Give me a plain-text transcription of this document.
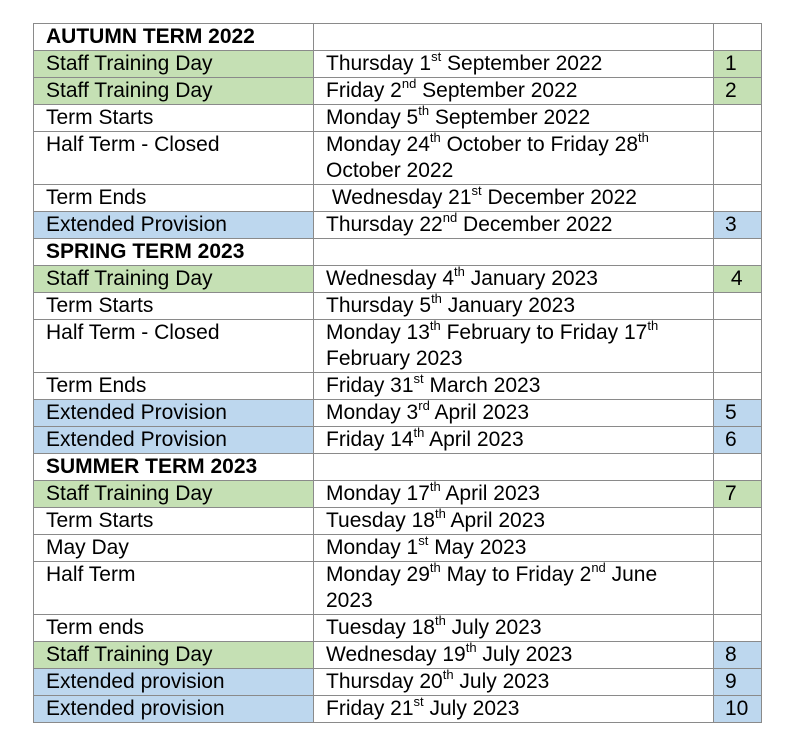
AUTUMN TERM 2022		
Staff Training Day	Thursday 1st September 2022	1
Staff Training Day	Friday 2nd September 2022	2
Term Starts	Monday 5th September 2022	
Half Term - Closed	Monday 24th October to Friday 28th
October 2022	
Term Ends	Wednesday 21st December 2022	
Extended Provision	Thursday 22nd December 2022	3
SPRING TERM 2023		
Staff Training Day	Wednesday 4th January 2023	4
Term Starts	Thursday 5th January 2023	
Half Term - Closed	Monday 13th February to Friday 17th
February 2023	
Term Ends	Friday 31st March 2023	
Extended Provision	Monday 3rd April 2023	5
Extended Provision	Friday 14th April 2023	6
SUMMER TERM 2023		
Staff Training Day	Monday 17th April 2023	7
Term Starts	Tuesday 18th April 2023	
May Day	Monday 1st May 2023	
Half Term	Monday 29th May to Friday 2nd June
2023	
Term ends	Tuesday 18th July 2023	
Staff Training Day	Wednesday 19th July 2023	8
Extended provision	Thursday 20th July 2023	9
Extended provision	Friday 21st July 2023	10
